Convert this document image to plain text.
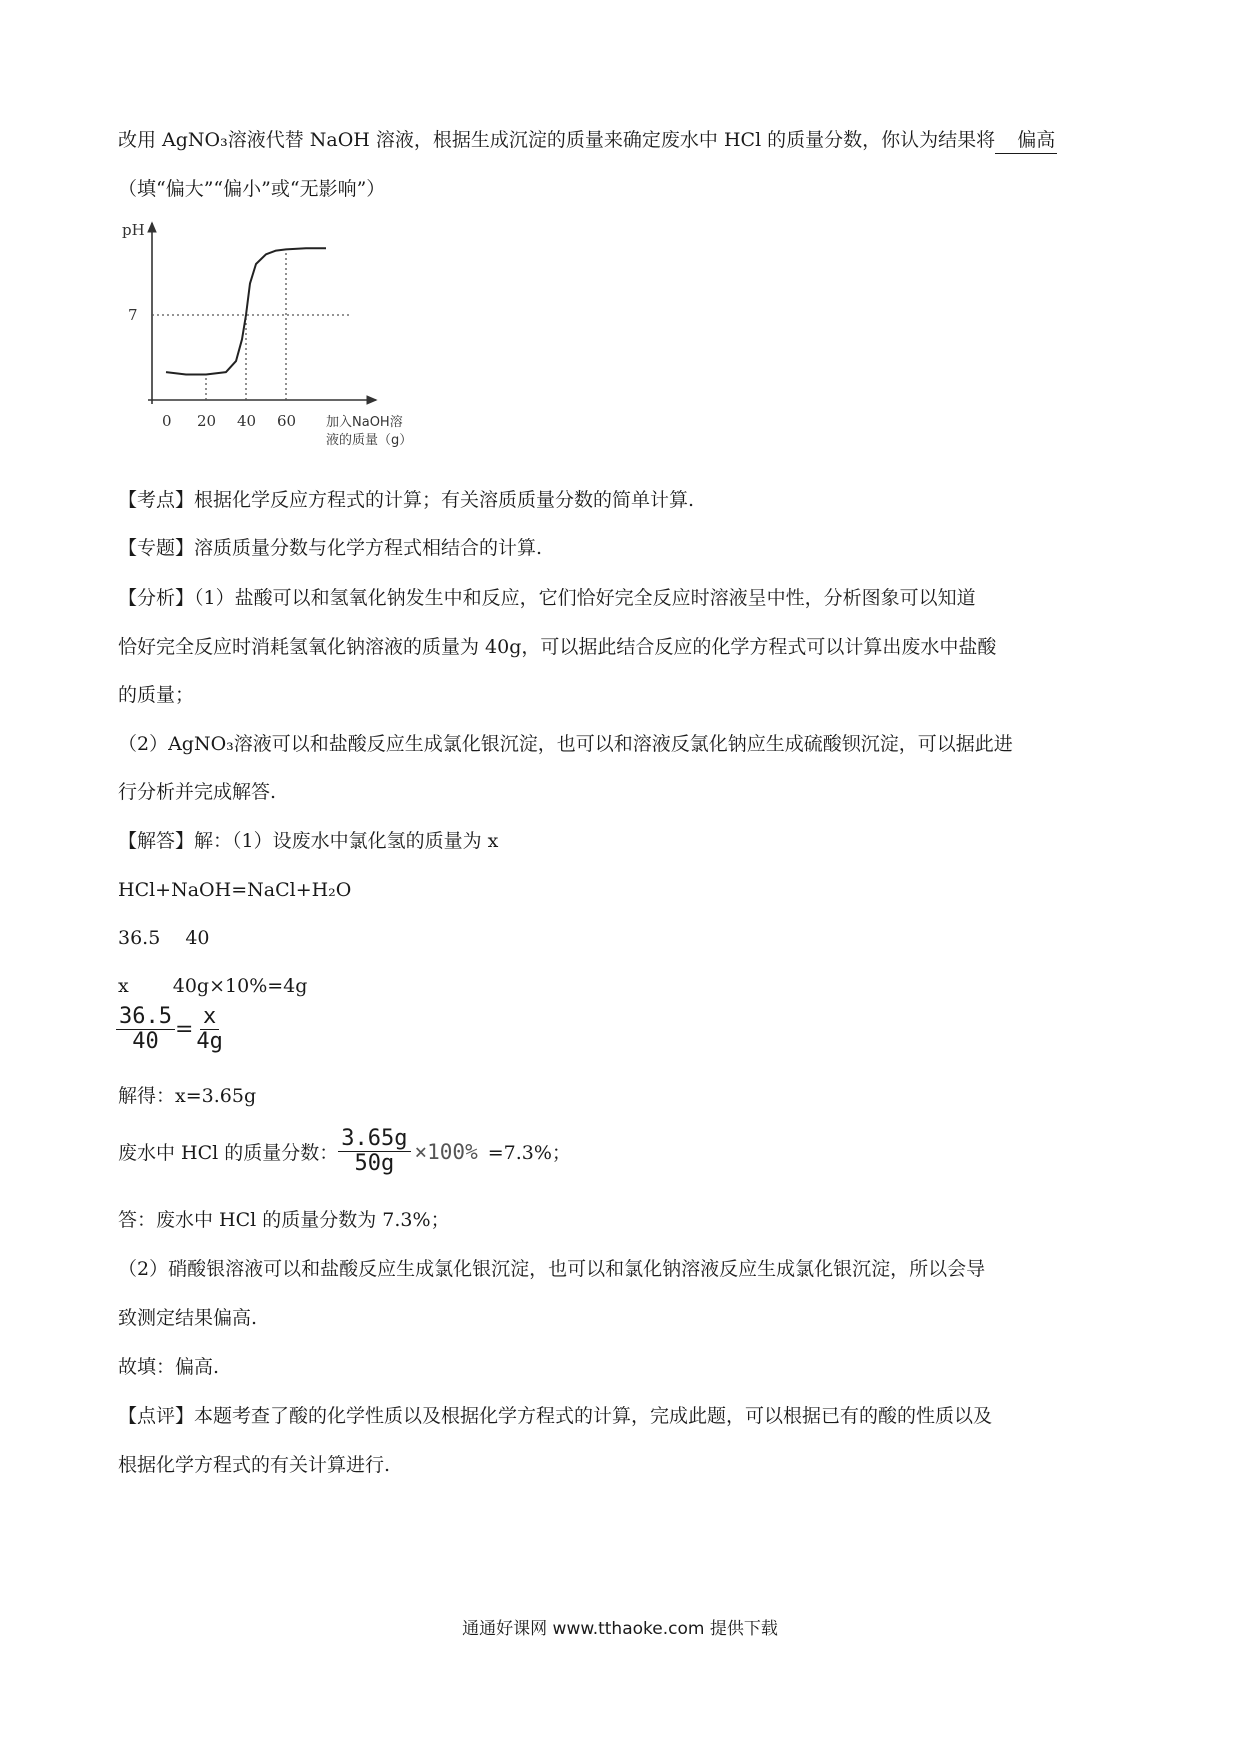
改用 AgNO₃溶液代替 NaOH 溶液，根据生成沉淀的质量来确定废水中 HCl 的质量分数，你认为结果将 偏高
（填“偏大”“偏小”或“无影响”）
pH
7
0 20 40 60 加入NaOH溶
液的质量（g）
【考点】根据化学反应方程式的计算；有关溶质质量分数的简单计算.
【专题】溶质质量分数与化学方程式相结合的计算.
【分析】（1）盐酸可以和氢氧化钠发生中和反应，它们恰好完全反应时溶液呈中性，分析图象可以知道
恰好完全反应时消耗氢氧化钠溶液的质量为 40g，可以据此结合反应的化学方程式可以计算出废水中盐酸
的质量；
（2）AgNO₃溶液可以和盐酸反应生成氯化银沉淀，也可以和溶液反氯化钠应生成硫酸钡沉淀，可以据此进
行分析并完成解答.
【解答】解：（1）设废水中氯化氢的质量为 x
HCl+NaOH=NaCl+H₂O
36.5　 40
x　　 40g×10%=4g
$\frac{36.5}{40} = \frac{x}{4g}$
解得：x=3.65g
废水中 HCl 的质量分数： $\frac{3.65g}{50g} \times 100\% =7.3\%$；
答：废水中 HCl 的质量分数为 7.3%；
（2）硝酸银溶液可以和盐酸反应生成氯化银沉淀，也可以和氯化钠溶液反应生成氯化银沉淀，所以会导
致测定结果偏高.
故填：偏高.
【点评】本题考查了酸的化学性质以及根据化学方程式的计算，完成此题，可以根据已有的酸的性质以及
根据化学方程式的有关计算进行.
通通好课网 www.tthaoke.com 提供下载
